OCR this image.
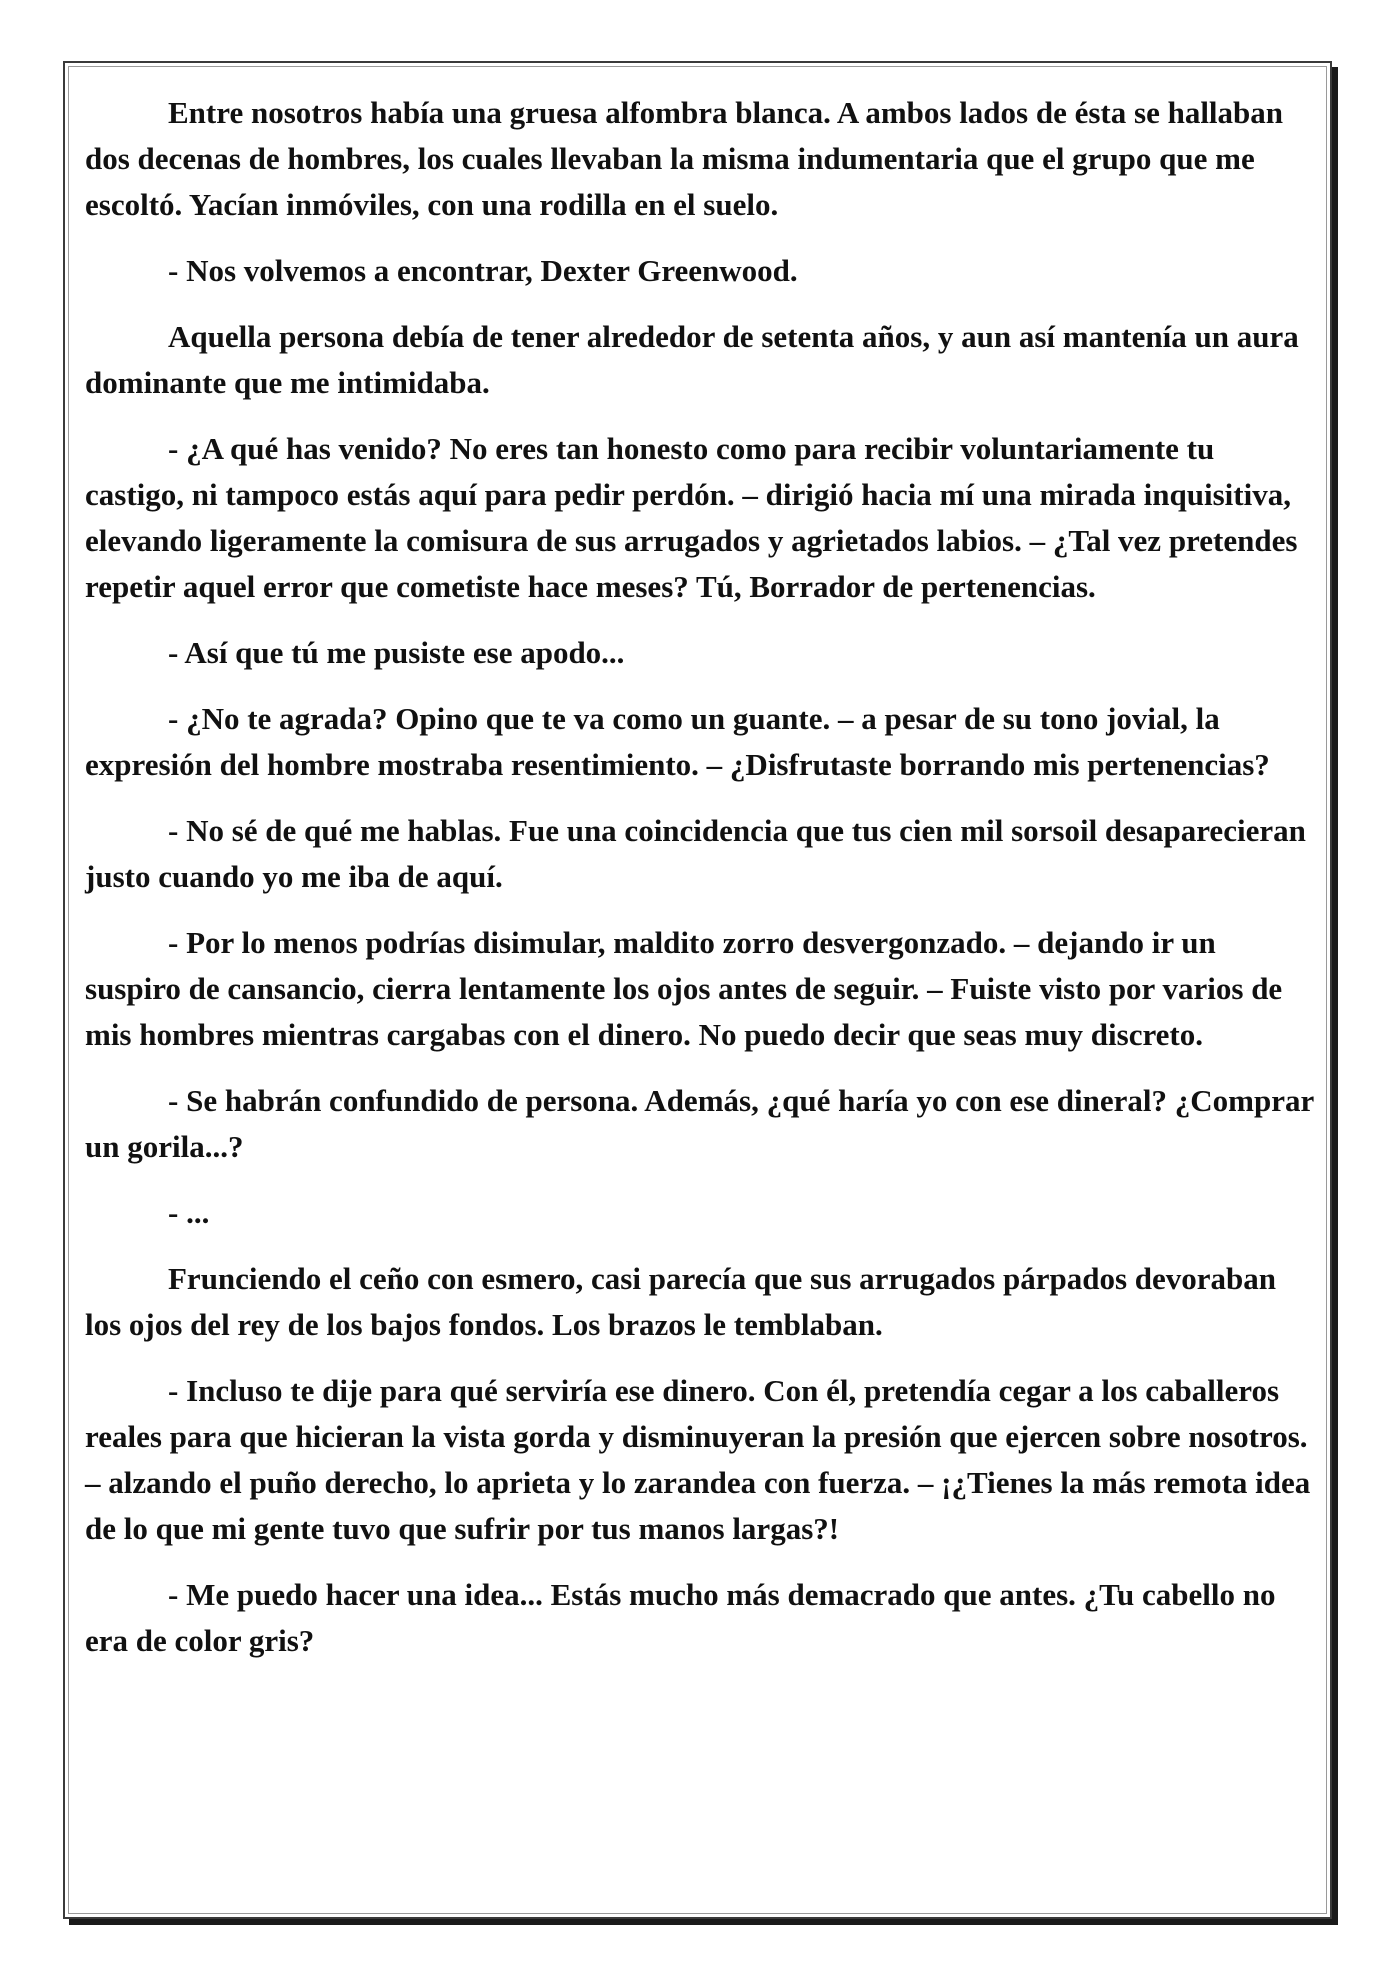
Entre nosotros había una gruesa alfombra blanca. A ambos lados de ésta se hallaban dos decenas de hombres, los cuales llevaban la misma indumentaria que el grupo que me escoltó. Yacían inmóviles, con una rodilla en el suelo.

- Nos volvemos a encontrar, Dexter Greenwood.

Aquella persona debía de tener alrededor de setenta años, y aun así mantenía un aura dominante que me intimidaba.

- ¿A qué has venido? No eres tan honesto como para recibir voluntariamente tu castigo, ni tampoco estás aquí para pedir perdón. – dirigió hacia mí una mirada inquisitiva, elevando ligeramente la comisura de sus arrugados y agrietados labios. – ¿Tal vez pretendes repetir aquel error que cometiste hace meses? Tú, Borrador de pertenencias.

- Así que tú me pusiste ese apodo...

- ¿No te agrada? Opino que te va como un guante. – a pesar de su tono jovial, la expresión del hombre mostraba resentimiento. – ¿Disfrutaste borrando mis pertenencias?

- No sé de qué me hablas. Fue una coincidencia que tus cien mil sorsoil desaparecieran justo cuando yo me iba de aquí.

- Por lo menos podrías disimular, maldito zorro desvergonzado. – dejando ir un suspiro de cansancio, cierra lentamente los ojos antes de seguir. – Fuiste visto por varios de mis hombres mientras cargabas con el dinero. No puedo decir que seas muy discreto.

- Se habrán confundido de persona. Además, ¿qué haría yo con ese dineral? ¿Comprar un gorila...?

- ...

Frunciendo el ceño con esmero, casi parecía que sus arrugados párpados devoraban los ojos del rey de los bajos fondos. Los brazos le temblaban.

- Incluso te dije para qué serviría ese dinero. Con él, pretendía cegar a los caballeros reales para que hicieran la vista gorda y disminuyeran la presión que ejercen sobre nosotros. – alzando el puño derecho, lo aprieta y lo zarandea con fuerza. – ¡¿Tienes la más remota idea de lo que mi gente tuvo que sufrir por tus manos largas?!

- Me puedo hacer una idea... Estás mucho más demacrado que antes. ¿Tu cabello no era de color gris?
